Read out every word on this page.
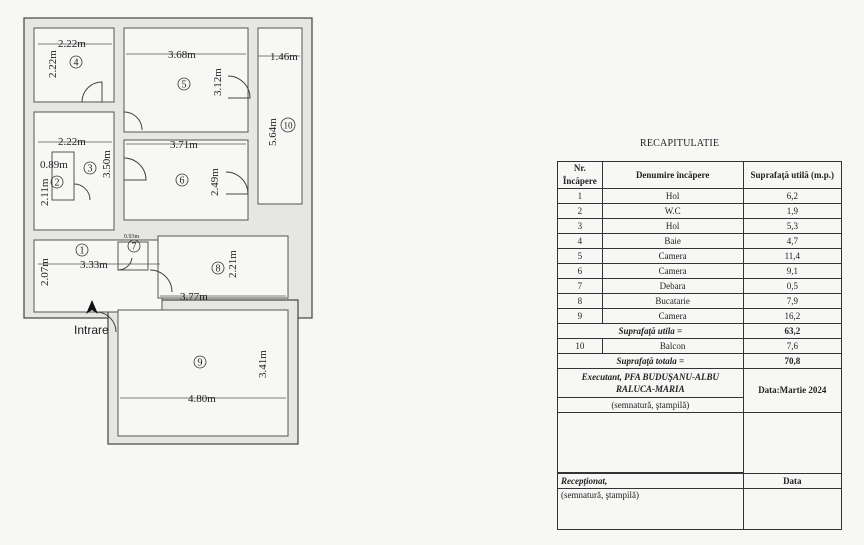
2.22m
3.68m	1.46m
2.22m	3.71m
0.89m
3.33m
3.77m
4.80m
0.93m
2.22m
3.12m
5.64m
3.50m
2.11m	2.49m
2.07m	2.21m
3.41m
4
5
10
3
2	6
1	7
8
9
Intrare
RECAPITULATIE
Nr. Încăpere	Denumire încăpere	Suprafaţă utilă (m.p.)
1	Hol	6,2
2	W.C	1,9
3	Hol	5,3
4	Baie	4,7
5	Camera	11,4
6	Camera	9,1
7	Debara	0,5
8	Bucatarie	7,9
9	Camera	16,2
Suprafaţă utila =		63,2
10	Balcon	7,6
Suprafaţă totala =		70,8

Executant, PFA BUDUŞANU-ALBU
RALUCA-MARIA		Data:Martie 2024
(semnatură, ştampilă)		

Recepţionat,		Data
(semnatură, ştampilă)		
